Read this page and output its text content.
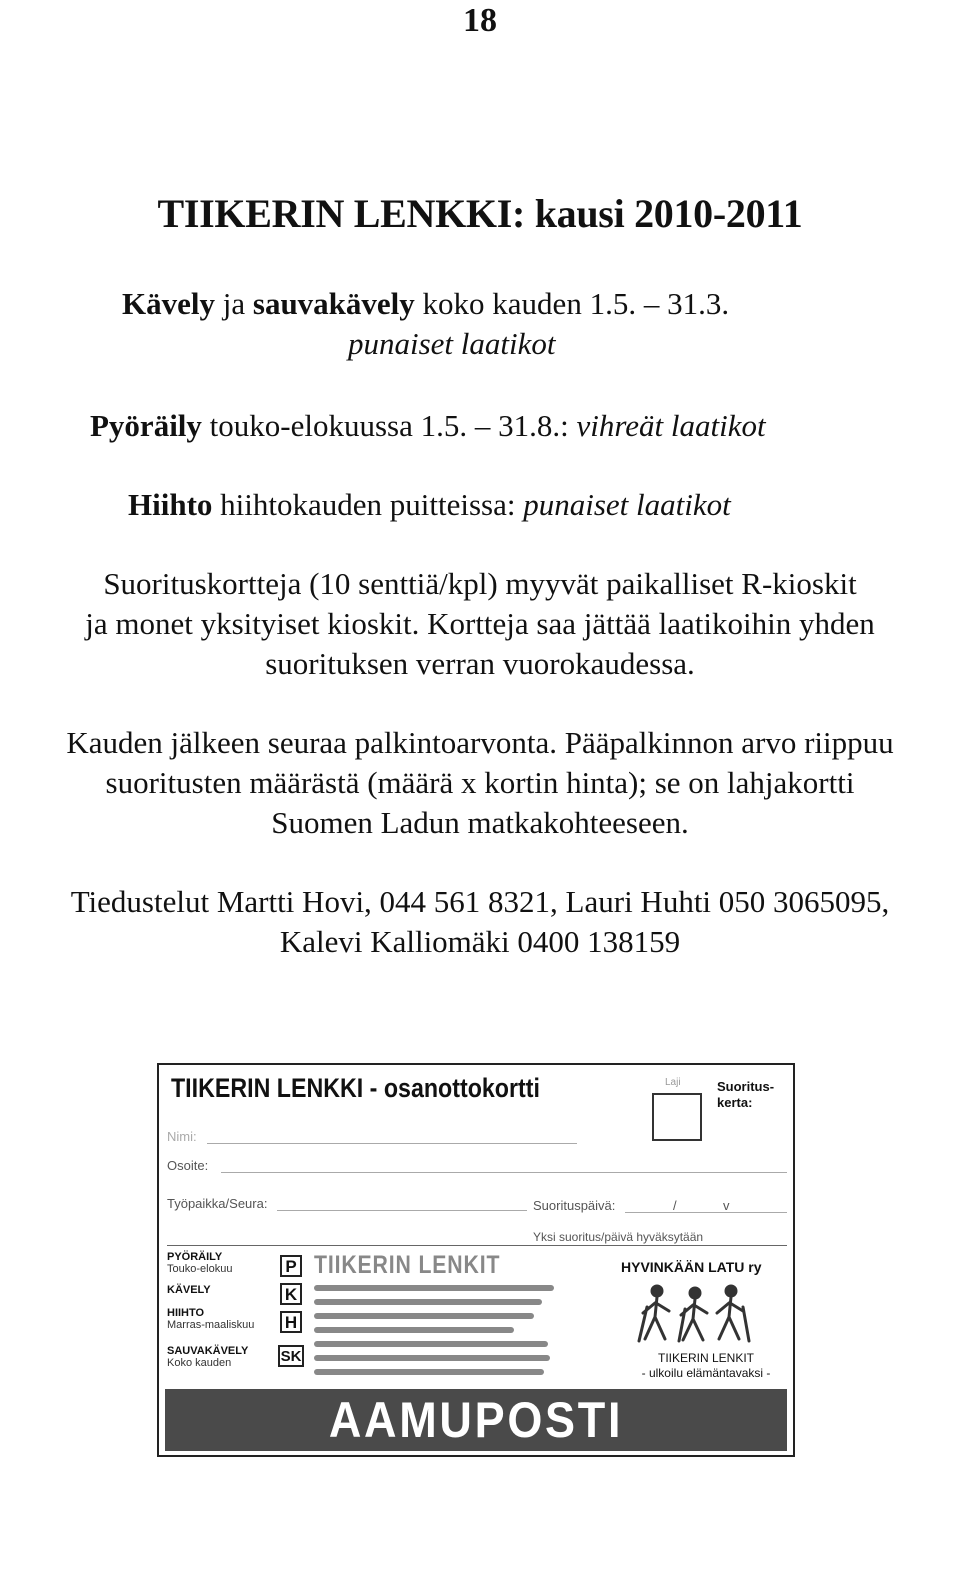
18
TIIKERIN LENKKI: kausi 2010-2011
Kävely ja sauvakävely koko kauden 1.5. – 31.3.
punaiset laatikot
Pyöräily touko-elokuussa 1.5. – 31.8.: vihreät laatikot
Hiihto hiihtokauden puitteissa: punaiset laatikot
Suorituskortteja (10 senttiä/kpl) myyvät paikalliset R-kioskit
ja monet yksityiset kioskit. Kortteja saa jättää laatikoihin yhden
suorituksen verran vuorokaudessa.
Kauden jälkeen seuraa palkintoarvonta. Pääpalkinnon arvo riippuu
suoritusten määrästä (määrä x kortin hinta); se on lahjakortti
Suomen Ladun matkakohteeseen.
Tiedustelut Martti Hovi, 044 561 8321, Lauri Huhti 050 3065095,
Kalevi Kalliomäki 0400 138159
TIIKERIN LENKKI - osanottokortti	Laji	Suoritus-kerta:
Nimi:
Osoite:
Työpaikka/Seura:	Suorituspäivä:	/	v
Yksi suoritus/päivä hyväksytään
PYÖRÄILY
Touko-elokuu	P
KÄVELY	K
HIIHTO
Marras-maaliskuu H
SAUVAKÄVELY
Koko kauden	SK
TIIKERIN LENKIT	HYVINKÄÄN LATU ry
TIIKERIN LENKIT
- ulkoilu elämäntavaksi -
AAMUPOSTI
